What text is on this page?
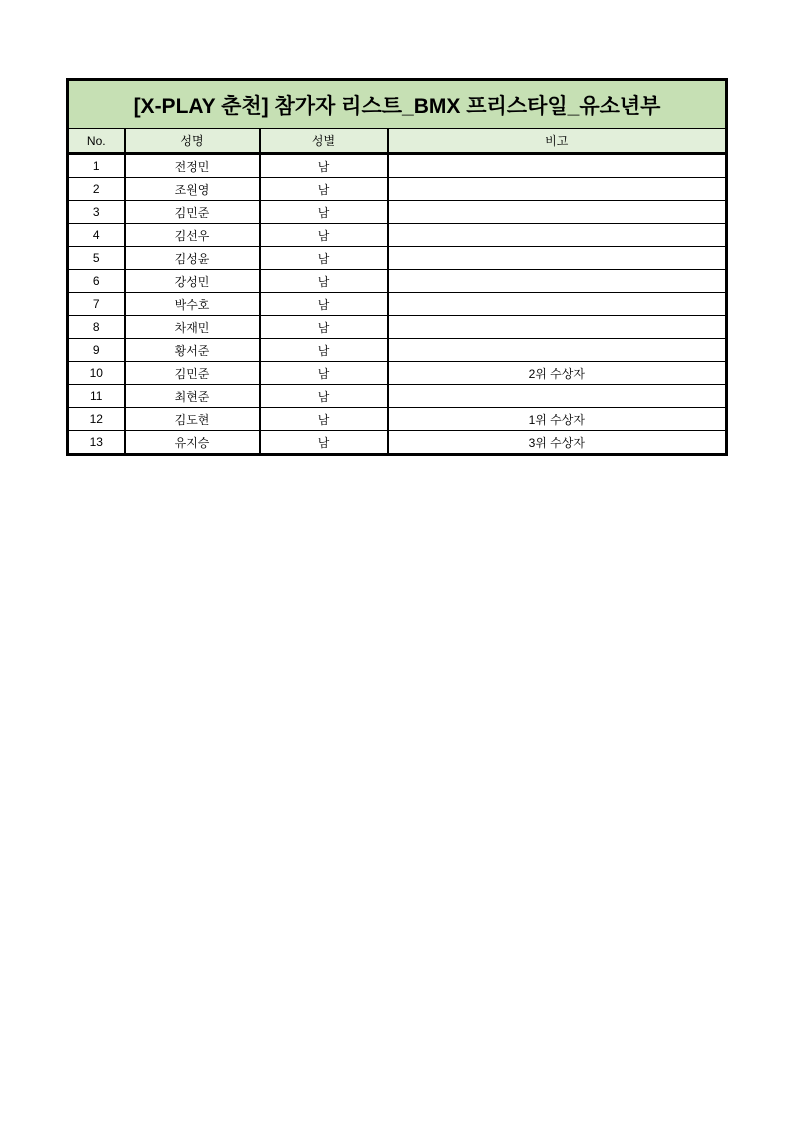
[X-PLAY 춘천] 참가자 리스트_BMX 프리스타일_유소년부			
No.	성명	성별	비고
1	전정민	남	
2	조원영	남	
3	김민준	남	
4	김선우	남	
5	김성윤	남	
6	강성민	남	
7	박수호	남	
8	차재민	남	
9	황서준	남	
10	김민준	남	2위 수상자
11	최현준	남	
12	김도현	남	1위 수상자
13	유지승	남	3위 수상자
